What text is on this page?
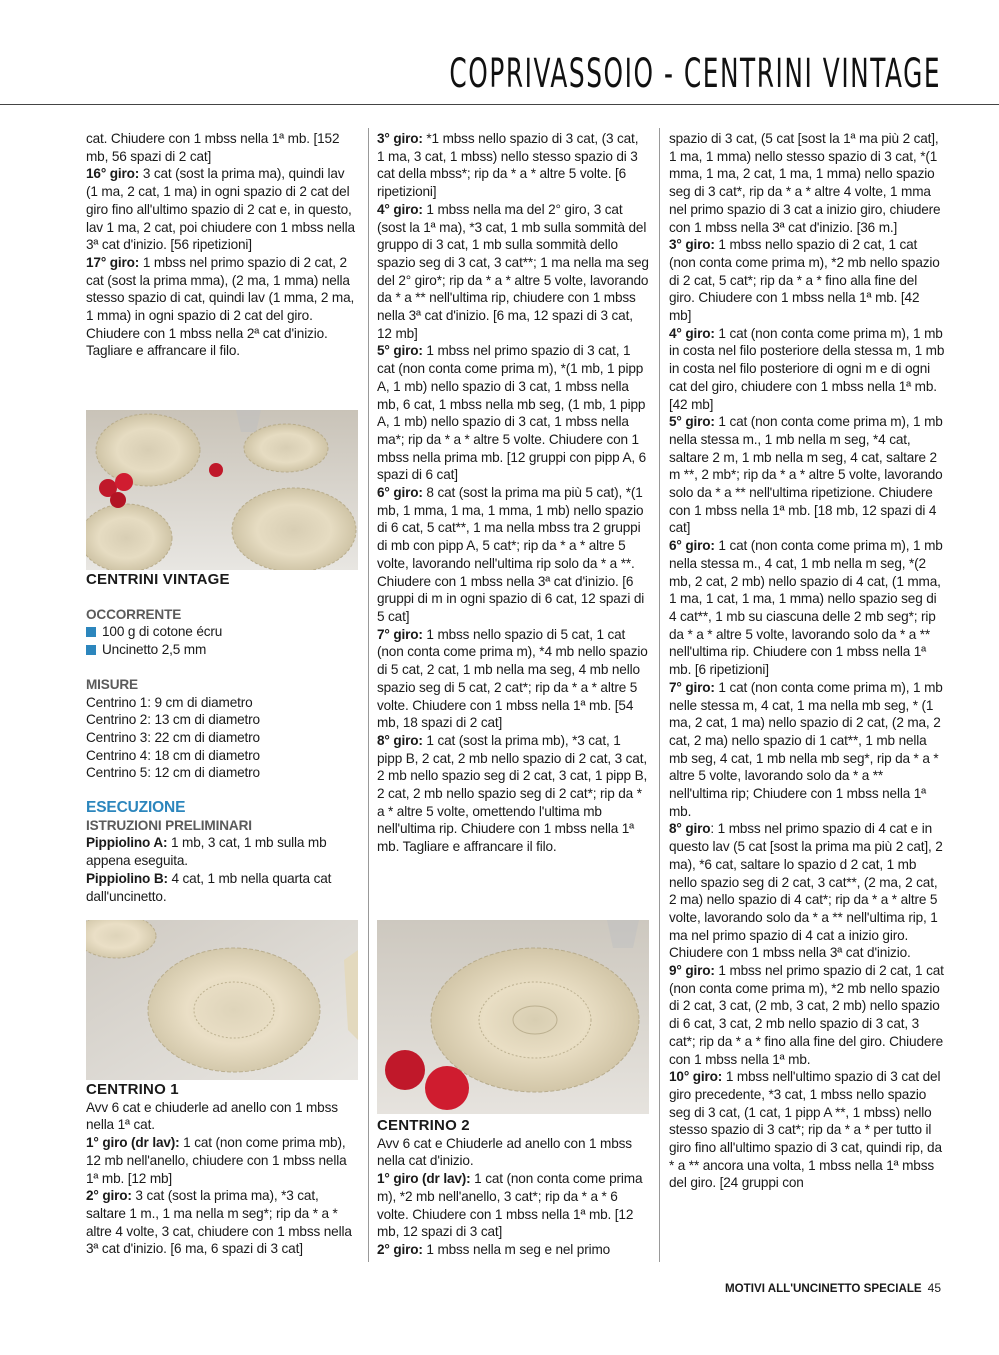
COPRIVASSOIO - CENTRINI VINTAGE

cat. Chiudere con 1 mbss nella 1ª mb. [152 mb, 56 spazi di 2 cat]

16° giro: 3 cat (sost la prima ma), quindi lav (1 ma, 2 cat, 1 ma) in ogni spazio di 2 cat del giro fino all'ultimo spazio di 2 cat e, in questo, lav 1 ma, 2 cat, poi chiudere con 1 mbss nella 3ª cat d'inizio. [56 ripetizioni]

17° giro: 1 mbss nel primo spazio di 2 cat, 2 cat (sost la prima mma), (2 ma, 1 mma) nella stesso spazio di cat, quindi lav (1 mma, 2 ma, 1 mma) in ogni spazio di 2 cat del giro.

Chiudere con 1 mbss nella 2ª cat d'inizio. Tagliare e affrancare il filo.

CENTRINI VINTAGE

OCCORRENTE

100 g di cotone écru

Uncinetto 2,5 mm

MISURE

Centrino 1: 9 cm di diametro

Centrino 2: 13 cm di diametro

Centrino 3: 22 cm di diametro

Centrino 4: 18 cm di diametro

Centrino 5: 12 cm di diametro

ESECUZIONE

ISTRUZIONI PRELIMINARI

Pippiolino A: 1 mb, 3 cat, 1 mb sulla mb appena eseguita.

Pippiolino B: 4 cat, 1 mb nella quarta cat dall'uncinetto.

CENTRINO 1

Avv 6 cat e chiuderle ad anello con 1 mbss nella 1ª cat.

1° giro (dr lav): 1 cat (non come prima mb), 12 mb nell'anello, chiudere con 1 mbss nella 1ª mb. [12 mb]

2° giro: 3 cat (sost la prima ma), *3 cat, saltare 1 m., 1 ma nella m seg*; rip da * a * altre 4 volte, 3 cat, chiudere con 1 mbss nella 3ª cat d'inizio. [6 ma, 6 spazi di 3 cat]

3° giro: *1 mbss nello spazio di 3 cat, (3 cat, 1 ma, 3 cat, 1 mbss) nello stesso spazio di 3 cat della mbss*; rip da * a * altre 5 volte. [6 ripetizioni]

4° giro: 1 mbss nella ma del 2° giro, 3 cat (sost la 1ª ma), *3 cat, 1 mb sulla sommità del gruppo di 3 cat, 1 mb sulla sommità dello spazio seg di 3 cat, 3 cat**; 1 ma nella ma seg del 2° giro*; rip da * a * altre 5 volte, lavorando da * a ** nell'ultima rip, chiudere con 1 mbss nella 3ª cat d'inizio. [6 ma, 12 spazi di 3 cat, 12 mb]

5° giro: 1 mbss nel primo spazio di 3 cat, 1 cat (non conta come prima m), *(1 mb, 1 pipp A, 1 mb) nello spazio di 3 cat, 1 mbss nella mb, 6 cat, 1 mbss nella mb seg, (1 mb, 1 pipp A, 1 mb) nello spazio di 3 cat, 1 mbss nella ma*; rip da * a * altre 5 volte. Chiudere con 1 mbss nella prima mb. [12 gruppi con pipp A, 6 spazi di 6 cat]

6° giro: 8 cat (sost la prima ma più 5 cat), *(1 mb, 1 mma, 1 ma, 1 mma, 1 mb) nello spazio di 6 cat, 5 cat**, 1 ma nella mbss tra 2 gruppi di mb con pipp A, 5 cat*; rip da * a * altre 5 volte, lavorando nell'ultima rip solo da * a **. Chiudere con 1 mbss nella 3ª cat d'inizio. [6 gruppi di m in ogni spazio di 6 cat, 12 spazi di 5 cat]

7° giro: 1 mbss nello spazio di 5 cat, 1 cat (non conta come prima m), *4 mb nello spazio di 5 cat, 2 cat, 1 mb nella ma seg, 4 mb nello spazio seg di 5 cat, 2 cat*; rip da * a * altre 5 volte. Chiudere con 1 mbss nella 1ª mb. [54 mb, 18 spazi di 2 cat]

8° giro: 1 cat (sost la prima mb), *3 cat, 1 pipp B, 2 cat, 2 mb nello spazio di 2 cat, 3 cat, 2 mb nello spazio seg di 2 cat, 3 cat, 1 pipp B, 2 cat, 2 mb nello spazio seg di 2 cat*; rip da * a * altre 5 volte, omettendo l'ultima mb nell'ultima rip. Chiudere con 1 mbss nella 1ª mb. Tagliare e affrancare il filo.

CENTRINO 2

Avv 6 cat e Chiuderle ad anello con 1 mbss nella cat d'inizio.

1° giro (dr lav): 1 cat (non conta come prima m), *2 mb nell'anello, 3 cat*; rip da * a * 6 volte. Chiudere con 1 mbss nella 1ª mb. [12 mb, 12 spazi di 3 cat]

2° giro: 1 mbss nella m seg e nel primo

spazio di 3 cat, (5 cat [sost la 1ª ma più 2 cat], 1 ma, 1 mma) nello stesso spazio di 3 cat, *(1 mma, 1 ma, 2 cat, 1 ma, 1 mma) nello spazio seg di 3 cat*, rip da * a * altre 4 volte, 1 mma nel primo spazio di 3 cat a inizio giro, chiudere con 1 mbss nella 3ª cat d'inizio. [36 m.]

3° giro: 1 mbss nello spazio di 2 cat, 1 cat (non conta come prima m), *2 mb nello spazio di 2 cat, 5 cat*; rip da * a * fino alla fine del giro. Chiudere con 1 mbss nella 1ª mb. [42 mb]

4° giro: 1 cat (non conta come prima m), 1 mb in costa nel filo posteriore della stessa m, 1 mb in costa nel filo posteriore di ogni m e di ogni cat del giro, chiudere con 1 mbss nella 1ª mb. [42 mb]

5° giro: 1 cat (non conta come prima m), 1 mb nella stessa m., 1 mb nella m seg, *4 cat, saltare 2 m, 1 mb nella m seg, 4 cat, saltare 2 m **, 2 mb*; rip da * a * altre 5 volte, lavorando solo da * a ** nell'ultima ripetizione. Chiudere con 1 mbss nella 1ª mb. [18 mb, 12 spazi di 4 cat]

6° giro: 1 cat (non conta come prima m), 1 mb nella stessa m., 4 cat, 1 mb nella m seg, *(2 mb, 2 cat, 2 mb) nello spazio di 4 cat, (1 mma, 1 ma, 1 cat, 1 ma, 1 mma) nello spazio seg di 4 cat**, 1 mb su ciascuna delle 2 mb seg*; rip da * a * altre 5 volte, lavorando solo da * a ** nell'ultima rip. Chiudere con 1 mbss nella 1ª mb. [6 ripetizioni]

7° giro: 1 cat (non conta come prima m), 1 mb nelle stessa m, 4 cat, 1 ma nella mb seg, * (1 ma, 2 cat, 1 ma) nello spazio di 2 cat, (2 ma, 2 cat, 2 ma) nello spazio di 1 cat**, 1 mb nella mb seg, 4 cat, 1 mb nella mb seg*, rip da * a * altre 5 volte, lavorando solo da * a ** nell'ultima rip; Chiudere con 1 mbss nella 1ª mb.

8° giro: 1 mbss nel primo spazio di 4 cat e in questo lav (5 cat [sost la prima ma più 2 cat], 2 ma), *6 cat, saltare lo spazio d 2 cat, 1 mb nello spazio seg di 2 cat, 3 cat**, (2 ma, 2 cat, 2 ma) nello spazio di 4 cat*; rip da * a * altre 5 volte, lavorando solo da * a ** nell'ultima rip, 1 ma nel primo spazio di 4 cat a inizio giro. Chiudere con 1 mbss nella 3ª cat d'inizio.

9° giro: 1 mbss nel primo spazio di 2 cat, 1 cat (non conta come prima m), *2 mb nello spazio di 2 cat, 3 cat, (2 mb, 3 cat, 2 mb) nello spazio di 6 cat, 3 cat, 2 mb nello spazio di 3 cat, 3 cat*; rip da * a * fino alla fine del giro. Chiudere con 1 mbss nella 1ª mb.

10° giro: 1 mbss nell'ultimo spazio di 3 cat del giro precedente, *3 cat, 1 mbss nello spazio seg di 3 cat, (1 cat, 1 pipp A **, 1 mbss) nello stesso spazio di 3 cat*; rip da * a * per tutto il giro fino all'ultimo spazio di 3 cat, quindi rip, da * a ** ancora una volta, 1 mbss nella 1ª mbss del giro. [24 gruppi con

MOTIVI ALL'UNCINETTO SPECIALE 45
